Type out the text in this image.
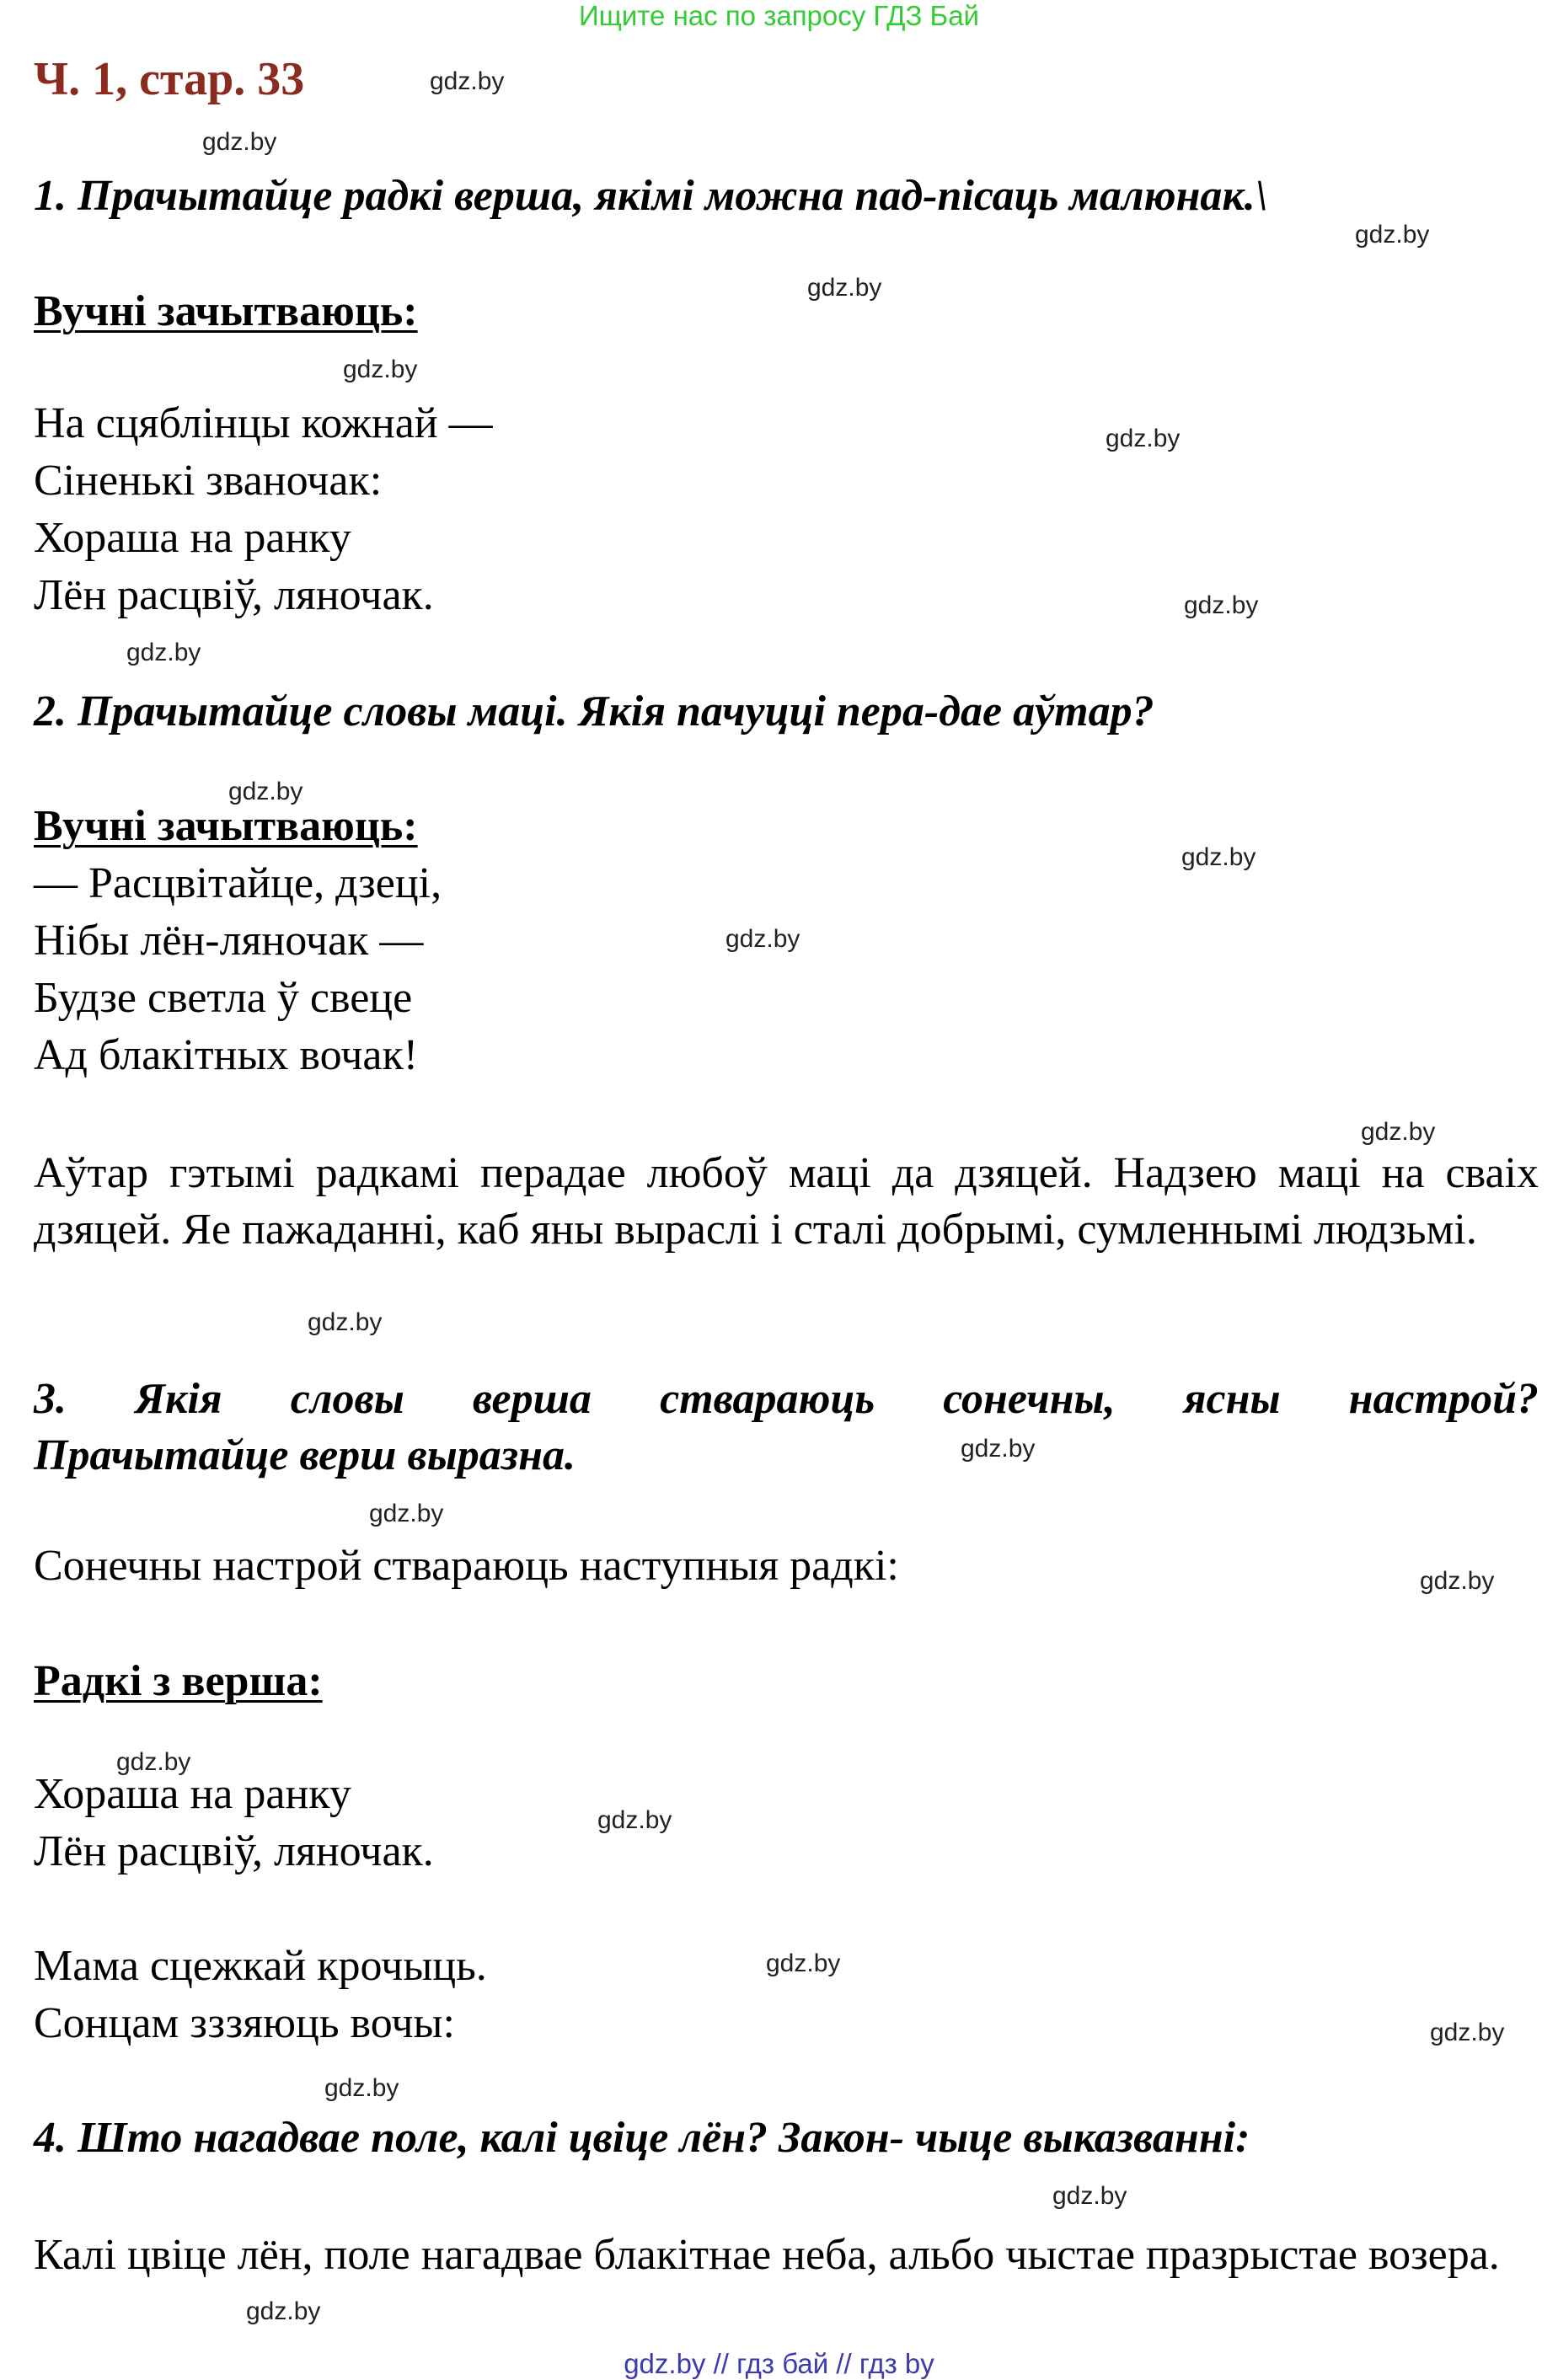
Ищите нас по запросу ГДЗ Бай
Ч. 1, стар. 33
1. Прачытайце радкі верша, якімі можна пад-пісаць малюнак.\
Вучні зачытваюць:
На сцяблінцы кожнай —
Сіненькі званочак:
Хораша на ранку
Лён расцвіў, ляночак.
2. Прачытайце словы маці. Якія пачуцці пера-дае аўтар?
Вучні зачытваюць:
— Расцвітайце, дзеці,
Нібы лён-ляночак —
Будзе светла ў свеце
Ад блакітных вочак!
Аўтар гэтымі радкамі перадае любоў маці да дзяцей. Надзею маці на сваіх дзяцей. Яе пажаданні, каб яны выраслі і сталі добрымі, сумленнымі людзьмі.
3. Якія словы верша ствараюць сонечны, ясны настрой?
Прачытайце верш выразна.
Сонечны настрой ствараюць наступныя радкі:
Радкі з верша:
Хораша на ранку
Лён расцвіў, ляночак.
Мама сцежкай крочыць.
Сонцам зззяюць вочы:
4. Што нагадвае поле, калі цвіце лён? Закон- чыце выказванні:
Калі цвіце лён, поле нагадвае блакітнае неба, альбо чыстае празрыстае возера.
gdz.by
gdz.by
gdz.by
gdz.by
gdz.by
gdz.by
gdz.by
gdz.by
gdz.by
gdz.by
gdz.by
gdz.by
gdz.by
gdz.by
gdz.by
gdz.by
gdz.by
gdz.by
gdz.by
gdz.by
gdz.by
gdz.by
gdz.by
gdz.by // гдз бай // гдз by
